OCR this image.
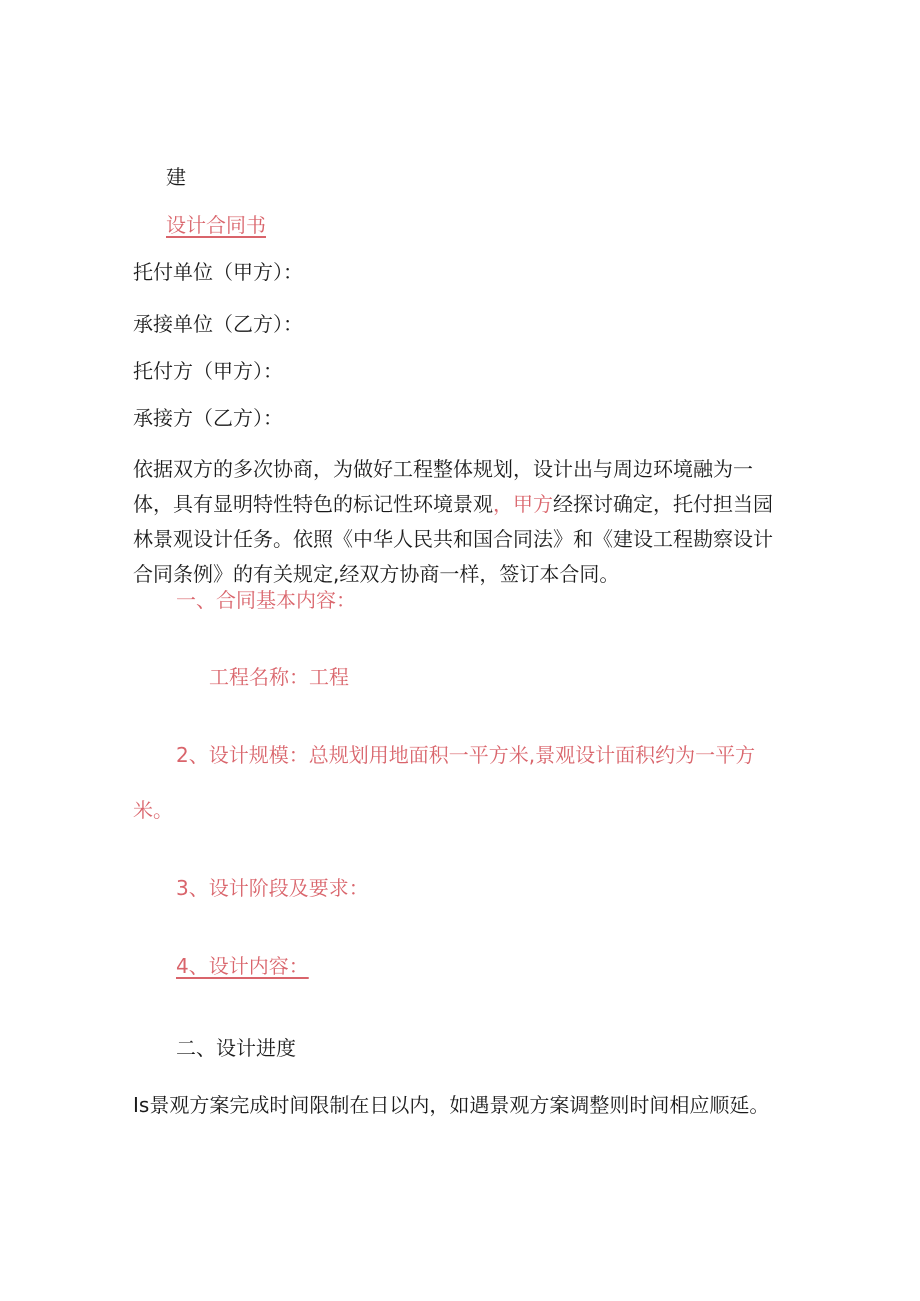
建
设计合同书
托付单位（甲方）：
承接单位（乙方）：
托付方（甲方）：
承接方（乙方）：
依据双方的多次协商，为做好工程整体规划，设计出与周边环境融为一体，具有显明特性特色的标记性环境景观，甲方经探讨确定，托付担当园林景观设计任务。依照《中华人民共和国合同法》和《建设工程勘察设计合同条例》的有关规定,经双方协商一样，签订本合同。
一、合同基本内容：
工程名称：工程
2、设计规模：总规划用地面积一平方米,景观设计面积约为一平方
米。
3、设计阶段及要求：
4、设计内容：
二、设计进度
Is景观方案完成时间限制在日以内，如遇景观方案调整则时间相应顺延。
